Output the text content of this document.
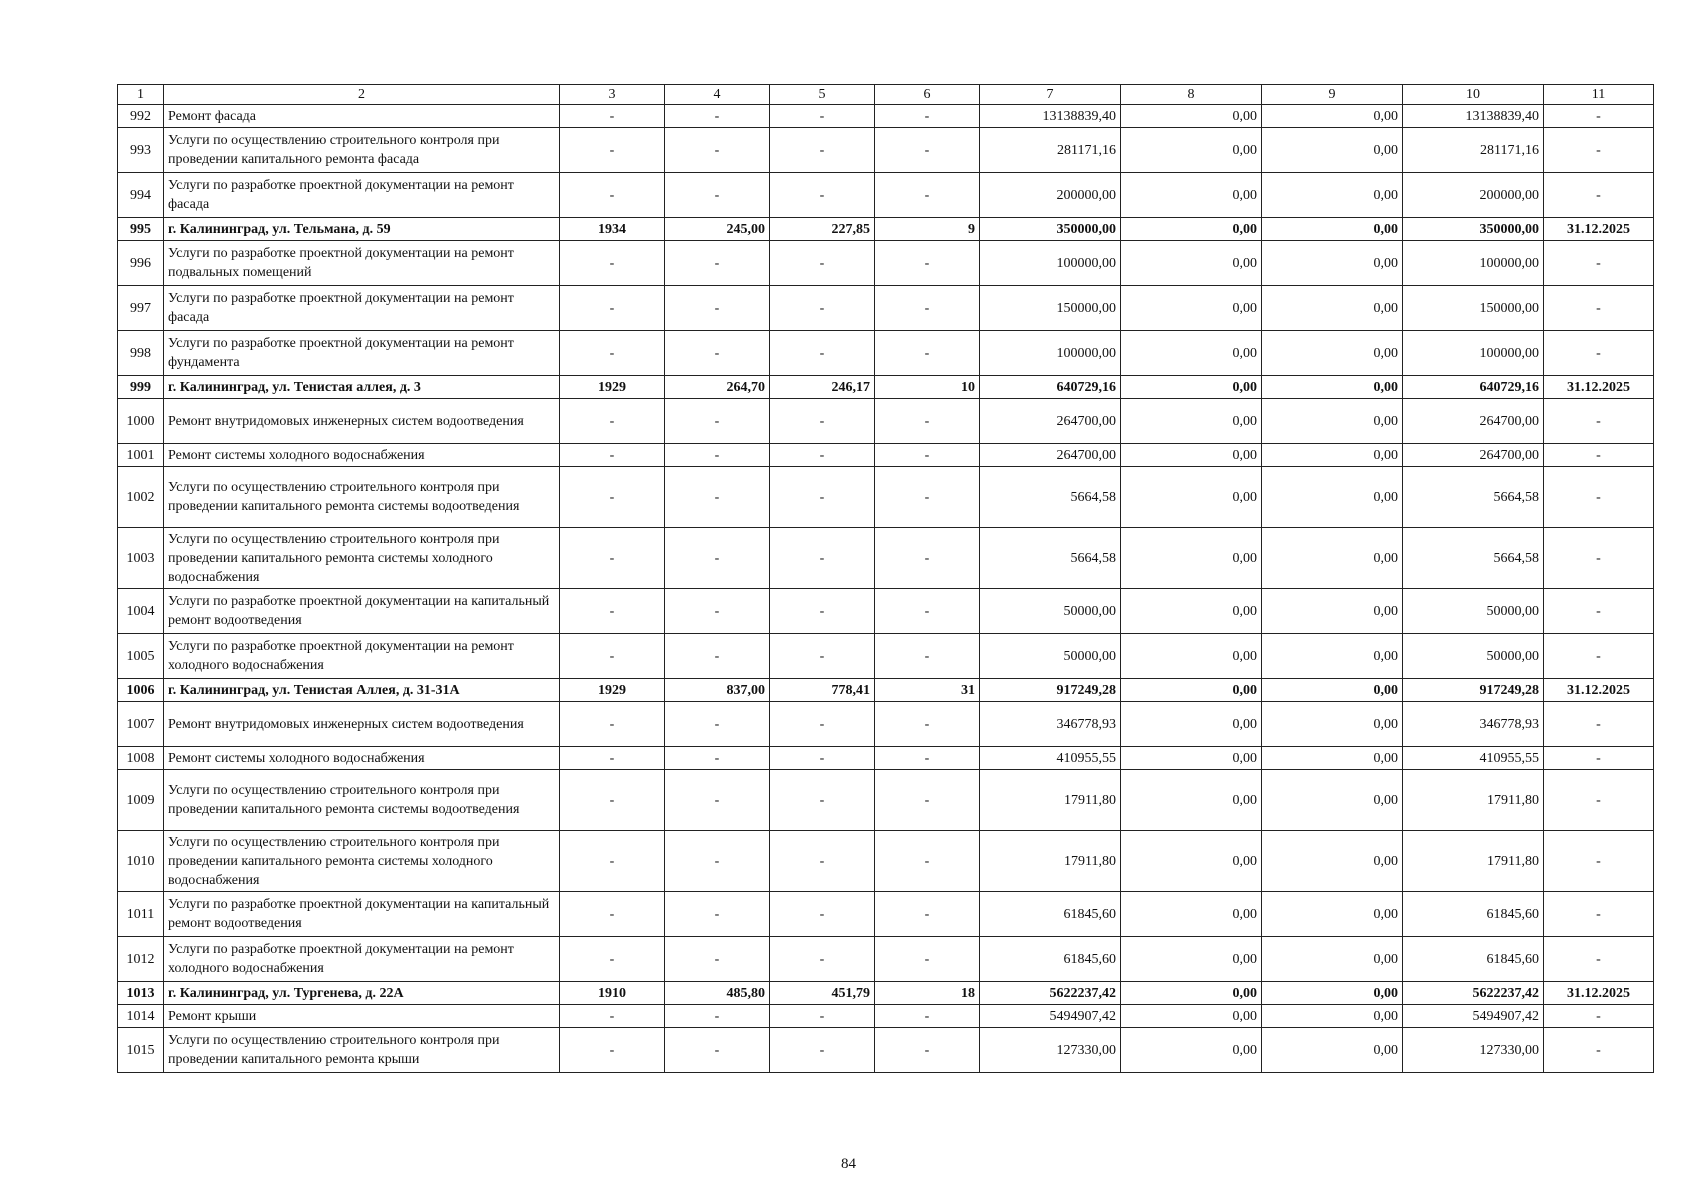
1	2	3	4	5	6	7	8	9	10	11
992	Ремонт фасада	-	-	-	-	13138839,40	0,00	0,00	13138839,40	-
993	Услуги по осуществлению строительного контроля при проведении капитального ремонта фасада	-	-	-	-	281171,16	0,00	0,00	281171,16	-
994	Услуги по разработке проектной документации на ремонт фасада	-	-	-	-	200000,00	0,00	0,00	200000,00	-
995	г. Калининград, ул. Тельмана, д. 59	1934	245,00	227,85	9	350000,00	0,00	0,00	350000,00	31.12.2025
996	Услуги по разработке проектной документации на ремонт подвальных помещений	-	-	-	-	100000,00	0,00	0,00	100000,00	-
997	Услуги по разработке проектной документации на ремонт фасада	-	-	-	-	150000,00	0,00	0,00	150000,00	-
998	Услуги по разработке проектной документации на ремонт фундамента	-	-	-	-	100000,00	0,00	0,00	100000,00	-
999	г. Калининград, ул. Тенистая аллея, д. 3	1929	264,70	246,17	10	640729,16	0,00	0,00	640729,16	31.12.2025
1000	Ремонт внутридомовых инженерных систем водоотведения	-	-	-	-	264700,00	0,00	0,00	264700,00	-
1001	Ремонт системы холодного водоснабжения	-	-	-	-	264700,00	0,00	0,00	264700,00	-
1002	Услуги по осуществлению строительного контроля при проведении капитального ремонта системы водоотведения	-	-	-	-	5664,58	0,00	0,00	5664,58	-
1003	Услуги по осуществлению строительного контроля при проведении капитального ремонта системы холодного водоснабжения	-	-	-	-	5664,58	0,00	0,00	5664,58	-
1004	Услуги по разработке проектной документации на капитальный ремонт водоотведения	-	-	-	-	50000,00	0,00	0,00	50000,00	-
1005	Услуги по разработке проектной документации на ремонт холодного водоснабжения	-	-	-	-	50000,00	0,00	0,00	50000,00	-
1006	г. Калининград, ул. Тенистая Аллея, д. 31-31А	1929	837,00	778,41	31	917249,28	0,00	0,00	917249,28	31.12.2025
1007	Ремонт внутридомовых инженерных систем водоотведения	-	-	-	-	346778,93	0,00	0,00	346778,93	-
1008	Ремонт системы холодного водоснабжения	-	-	-	-	410955,55	0,00	0,00	410955,55	-
1009	Услуги по осуществлению строительного контроля при проведении капитального ремонта системы водоотведения	-	-	-	-	17911,80	0,00	0,00	17911,80	-
1010	Услуги по осуществлению строительного контроля при проведении капитального ремонта системы холодного водоснабжения	-	-	-	-	17911,80	0,00	0,00	17911,80	-
1011	Услуги по разработке проектной документации на капитальный ремонт водоотведения	-	-	-	-	61845,60	0,00	0,00	61845,60	-
1012	Услуги по разработке проектной документации на ремонт холодного водоснабжения	-	-	-	-	61845,60	0,00	0,00	61845,60	-
1013	г. Калининград, ул. Тургенева, д. 22А	1910	485,80	451,79	18	5622237,42	0,00	0,00	5622237,42	31.12.2025
1014	Ремонт крыши	-	-	-	-	5494907,42	0,00	0,00	5494907,42	-
1015	Услуги по осуществлению строительного контроля при проведении капитального ремонта крыши	-	-	-	-	127330,00	0,00	0,00	127330,00	-
84
